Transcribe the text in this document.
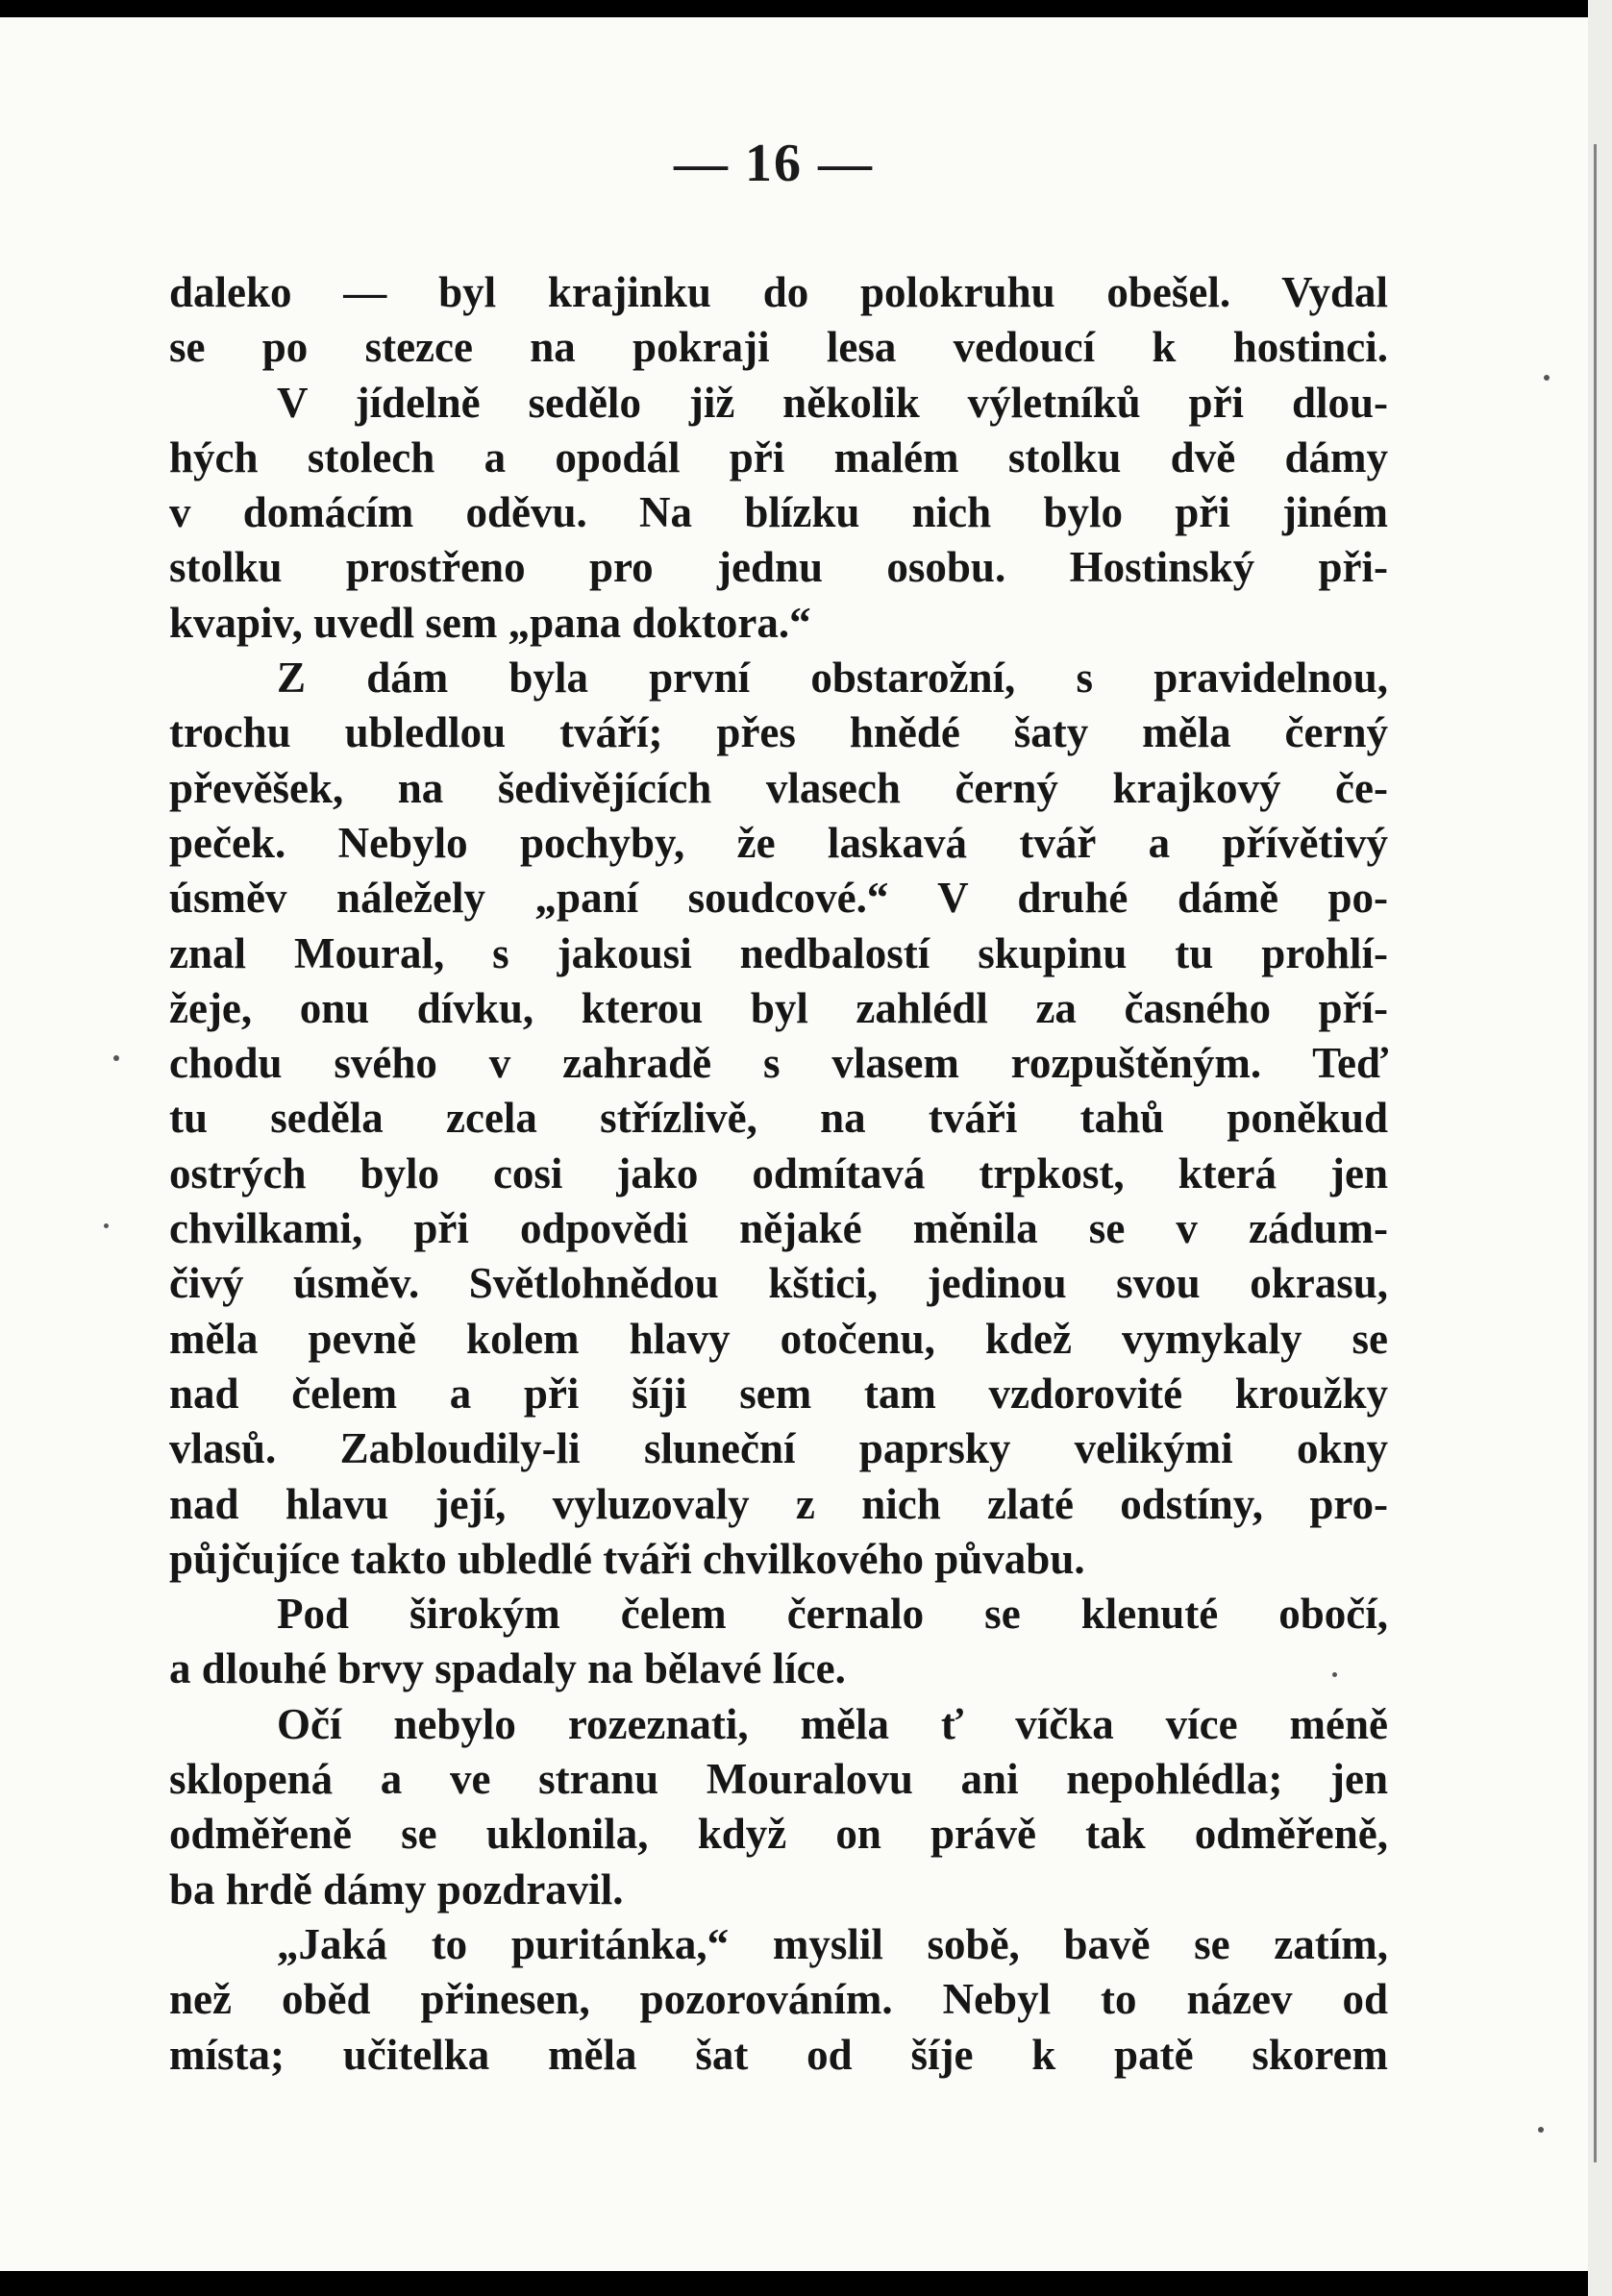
— 16 —
daleko — byl krajinku do polokruhu obešel. Vydal
se po stezce na pokraji lesa vedoucí k hostinci.
V jídelně sedělo již několik výletníků při dlou-
hých stolech a opodál při malém stolku dvě dámy
v domácím oděvu. Na blízku nich bylo při jiném
stolku prostřeno pro jednu osobu. Hostinský při-
kvapiv, uvedl sem „pana doktora.“
Z dám byla první obstarožní, s pravidelnou,
trochu ubledlou tváří; přes hnědé šaty měla černý
převěšek, na šedivějících vlasech černý krajkový če-
peček. Nebylo pochyby, že laskavá tvář a přívětivý
úsměv náležely „paní soudcové.“ V druhé dámě po-
znal Moural, s jakousi nedbalostí skupinu tu prohlí-
žeje, onu dívku, kterou byl zahlédl za časného pří-
chodu svého v zahradě s vlasem rozpuštěným. Teď
tu seděla zcela střízlivě, na tváři tahů poněkud
ostrých bylo cosi jako odmítavá trpkost, která jen
chvilkami, při odpovědi nějaké měnila se v zádum-
čivý úsměv. Světlohnědou kštici, jedinou svou okrasu,
měla pevně kolem hlavy otočenu, kdež vymykaly se
nad čelem a při šíji sem tam vzdorovité kroužky
vlasů. Zabloudily-li sluneční paprsky velikými okny
nad hlavu její, vyluzovaly z nich zlaté odstíny, pro-
půjčujíce takto ubledlé tváři chvilkového půvabu.
Pod širokým čelem černalo se klenuté obočí,
a dlouhé brvy spadaly na bělavé líce.
Očí nebylo rozeznati, měla ť víčka více méně
sklopená a ve stranu Mouralovu ani nepohlédla; jen
odměřeně se uklonila, když on právě tak odměřeně,
ba hrdě dámy pozdravil.
„Jaká to puritánka,“ myslil sobě, bavě se zatím,
než oběd přinesen, pozorováním. Nebyl to název od
místa; učitelka měla šat od šíje k patě skorem
